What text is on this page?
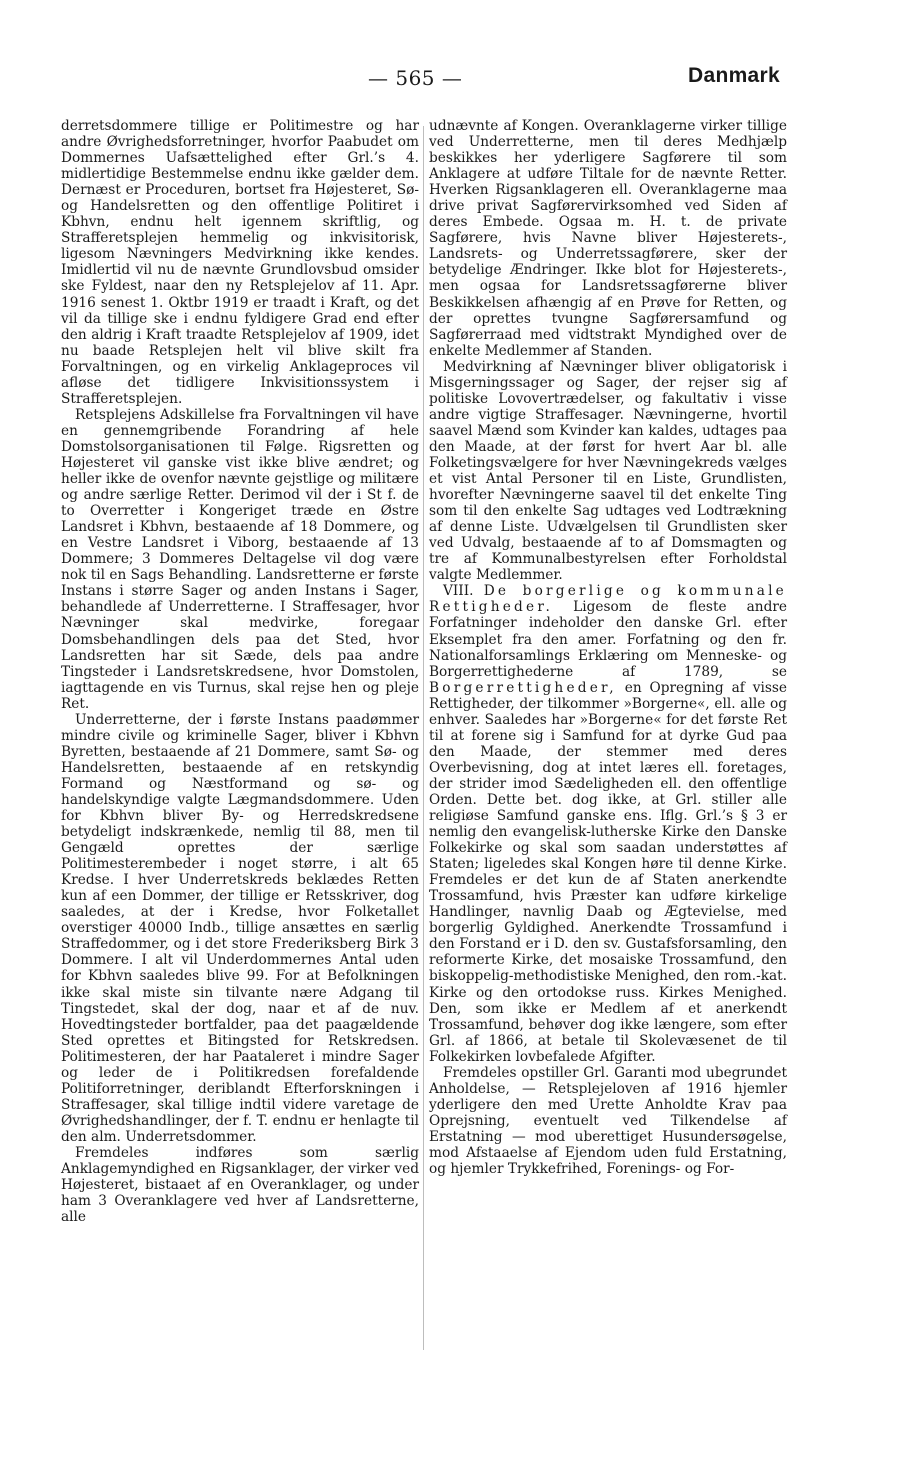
— 565 —	Danmark

derretsdommere tillige er Politimestre og har andre Øvrighedsforretninger, hvorfor Paabudet om Dommernes Uafsættelighed efter Grl.’s 4. midlertidige Bestemmelse endnu ikke gælder dem. Dernæst er Proceduren, bortset fra Højesteret, Sø- og Handelsretten og den offentlige Politiret i Kbhvn, endnu helt igennem skriftlig, og Strafferetsplejen hemmelig og inkvisitorisk, ligesom Nævningers Medvirkning ikke kendes. Imidlertid vil nu de nævnte Grundlovsbud omsider ske Fyldest, naar den ny Retsplejelov af 11. Apr. 1916 senest 1. Oktbr 1919 er traadt i Kraft, og det vil da tillige ske i endnu fyldigere Grad end efter den aldrig i Kraft traadte Retsplejelov af 1909, idet nu baade Retsplejen helt vil blive skilt fra Forvaltningen, og en virkelig Anklageproces vil afløse det tidligere Inkvisitionssystem i Strafferetsplejen.

Retsplejens Adskillelse fra Forvaltningen vil have en gennemgribende Forandring af hele Domstolsorganisationen til Følge. Rigsretten og Højesteret vil ganske vist ikke blive ændret; og heller ikke de ovenfor nævnte gejstlige og militære og andre særlige Retter. Derimod vil der i St f. de to Overretter i Kongeriget træde en Østre Landsret i Kbhvn, bestaaende af 18 Dommere, og en Vestre Landsret i Viborg, bestaaende af 13 Dommere; 3 Dommeres Deltagelse vil dog være nok til en Sags Behandling. Landsretterne er første Instans i større Sager og anden Instans i Sager, behandlede af Underretterne. I Straffesager, hvor Nævninger skal medvirke, foregaar Domsbehandlingen dels paa det Sted, hvor Landsretten har sit Sæde, dels paa andre Tingsteder i Landsretskredsene, hvor Domstolen, iagttagende en vis Turnus, skal rejse hen og pleje Ret.

Underretterne, der i første Instans paadømmer mindre civile og kriminelle Sager, bliver i Kbhvn Byretten, bestaaende af 21 Dommere, samt Sø- og Handelsretten, bestaaende af en retskyndig Formand og Næstformand og sø- og handelskyndige valgte Lægmandsdommere. Uden for Kbhvn bliver By- og Herredskredsene betydeligt indskrænkede, nemlig til 88, men til Gengæld oprettes der særlige Politimesterembeder i noget større, i alt 65 Kredse. I hver Underretskreds beklædes Retten kun af een Dommer, der tillige er Retsskriver, dog saaledes, at der i Kredse, hvor Folketallet overstiger 40000 Indb., tillige ansættes en særlig Straffedommer, og i det store Frederiksberg Birk 3 Dommere. I alt vil Underdommernes Antal uden for Kbhvn saaledes blive 99. For at Befolkningen ikke skal miste sin tilvante nære Adgang til Tingstedet, skal der dog, naar et af de nuv. Hovedtingsteder bortfalder, paa det paagældende Sted oprettes et Bitingsted for Retskredsen. Politimesteren, der har Paataleret i mindre Sager og leder de i Politikredsen forefaldende Politiforretninger, deriblandt Efterforskningen i Straffesager, skal tillige indtil videre varetage de Øvrighedshandlinger, der f. T. endnu er henlagte til den alm. Underretsdommer.

Fremdeles indføres som særlig Anklagemyndighed en Rigsanklager, der virker ved Højesteret, bistaaet af en Overanklager, og under ham 3 Overanklagere ved hver af Landsretterne, alle

udnævnte af Kongen. Overanklagerne virker tillige ved Underretterne, men til deres Medhjælp beskikkes her yderligere Sagførere til som Anklagere at udføre Tiltale for de nævnte Retter. Hverken Rigsanklageren ell. Overanklagerne maa drive privat Sagførervirksomhed ved Siden af deres Embede. Ogsaa m. H. t. de private Sagførere, hvis Navne bliver Højesterets-, Landsrets- og Underretssagførere, sker der betydelige Ændringer. Ikke blot for Højesterets-, men ogsaa for Landsretssagførerne bliver Beskikkelsen afhængig af en Prøve for Retten, og der oprettes tvungne Sagførersamfund og Sagførerraad med vidtstrakt Myndighed over de enkelte Medlemmer af Standen.

Medvirkning af Nævninger bliver obligatorisk i Misgerningssager og Sager, der rejser sig af politiske Lovovertrædelser, og fakultativ i visse andre vigtige Straffesager. Nævningerne, hvortil saavel Mænd som Kvinder kan kaldes, udtages paa den Maade, at der først for hvert Aar bl. alle Folketingsvælgere for hver Nævningekreds vælges et vist Antal Personer til en Liste, Grundlisten, hvorefter Nævningerne saavel til det enkelte Ting som til den enkelte Sag udtages ved Lodtrækning af denne Liste. Udvælgelsen til Grundlisten sker ved Udvalg, bestaaende af to af Domsmagten og tre af Kommunalbestyrelsen efter Forholdstal valgte Medlemmer.

VIII. De borgerlige og kommunale Rettigheder. Ligesom de fleste andre Forfatninger indeholder den danske Grl. efter Eksemplet fra den amer. Forfatning og den fr. Nationalforsamlings Erklæring om Menneske- og Borgerrettighederne af 1789, se Borgerrettigheder, en Opregning af visse Rettigheder, der tilkommer »Borgerne«, ell. alle og enhver. Saaledes har »Borgerne« for det første Ret til at forene sig i Samfund for at dyrke Gud paa den Maade, der stemmer med deres Overbevisning, dog at intet læres ell. foretages, der strider imod Sædeligheden ell. den offentlige Orden. Dette bet. dog ikke, at Grl. stiller alle religiøse Samfund ganske ens. Iflg. Grl.’s § 3 er nemlig den evangelisk-lutherske Kirke den Danske Folkekirke og skal som saadan understøttes af Staten; ligeledes skal Kongen høre til denne Kirke. Fremdeles er det kun de af Staten anerkendte Trossamfund, hvis Præster kan udføre kirkelige Handlinger, navnlig Daab og Ægtevielse, med borgerlig Gyldighed. Anerkendte Trossamfund i den Forstand er i D. den sv. Gustafsforsamling, den reformerte Kirke, det mosaiske Trossamfund, den biskoppelig-methodistiske Menighed, den rom.-kat. Kirke og den ortodokse russ. Kirkes Menighed. Den, som ikke er Medlem af et anerkendt Trossamfund, behøver dog ikke længere, som efter Grl. af 1866, at betale til Skolevæsenet de til Folkekirken lovbefalede Afgifter.

Fremdeles opstiller Grl. Garanti mod ubegrundet Anholdelse, — Retsplejeloven af 1916 hjemler yderligere den med Urette Anholdte Krav paa Oprejsning, eventuelt ved Tilkendelse af Erstatning — mod uberettiget Husundersøgelse, mod Afstaaelse af Ejendom uden fuld Erstatning, og hjemler Trykkefrihed, Forenings- og For-
